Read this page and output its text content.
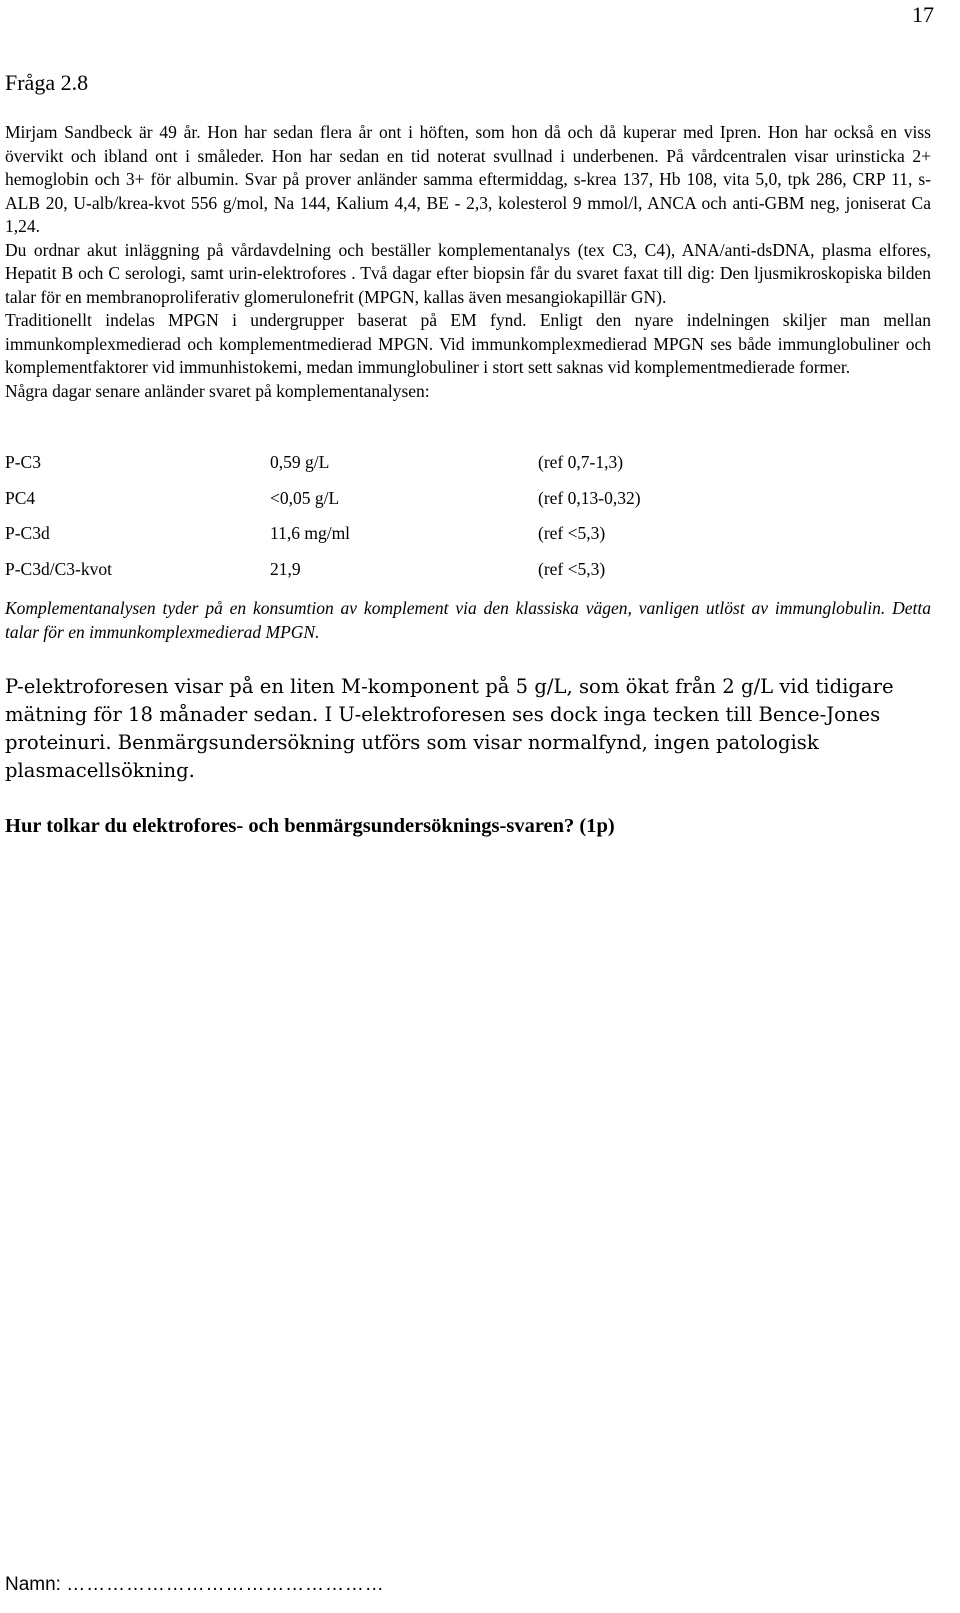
17
Fråga 2.8

Mirjam Sandbeck är 49 år. Hon har sedan flera år ont i höften, som hon då och då kuperar med Ipren. Hon har också en viss övervikt och ibland ont i småleder. Hon har sedan en tid noterat svullnad i underbenen. På vårdcentralen visar urinsticka 2+ hemoglobin och 3+ för albumin. Svar på prover anländer samma eftermiddag, s-krea 137, Hb 108, vita 5,0, tpk 286, CRP 11, s-ALB 20, U-alb/krea-kvot 556 g/mol, Na 144, Kalium 4,4, BE - 2,3, kolesterol 9 mmol/l, ANCA och anti-GBM neg, joniserat Ca 1,24.

Du ordnar akut inläggning på vårdavdelning och beställer komplementanalys (tex C3, C4), ANA/anti-dsDNA, plasma elfores, Hepatit B och C serologi, samt urin-elektrofores . Två dagar efter biopsin får du svaret faxat till dig: Den ljusmikroskopiska bilden talar för en membranoproliferativ glomerulonefrit (MPGN, kallas även mesangiokapillär GN).

Traditionellt indelas MPGN i undergrupper baserat på EM fynd. Enligt den nyare indelningen skiljer man mellan immunkomplexmedierad och komplementmedierad MPGN. Vid immunkomplexmedierad MPGN ses både immunglobuliner och komplementfaktorer vid immunhistokemi, medan immunglobuliner i stort sett saknas vid komplementmedierade former.

Några dagar senare anländer svaret på komplementanalysen:

P-C3	0,59 g/L	(ref 0,7-1,3)
PC4	<0,05 g/L	(ref 0,13-0,32)
P-C3d	11,6 mg/ml	(ref <5,3)
P-C3d/C3-kvot	21,9	(ref <5,3)
Komplementanalysen tyder på en konsumtion av komplement via den klassiska vägen, vanligen utlöst av immunglobulin. Detta talar för en immunkomplexmedierad MPGN.
P-elektroforesen visar på en liten M-komponent på 5 g/L, som ökat från 2 g/L vid tidigare mätning för 18 månader sedan. I U-elektroforesen ses dock inga tecken till Bence-Jones proteinuri. Benmärgsundersökning utförs som visar normalfynd, ingen patologisk plasmacellsökning.
Hur tolkar du elektrofores- och benmärgsundersöknings-svaren? (1p)
Namn: …………………………………………
